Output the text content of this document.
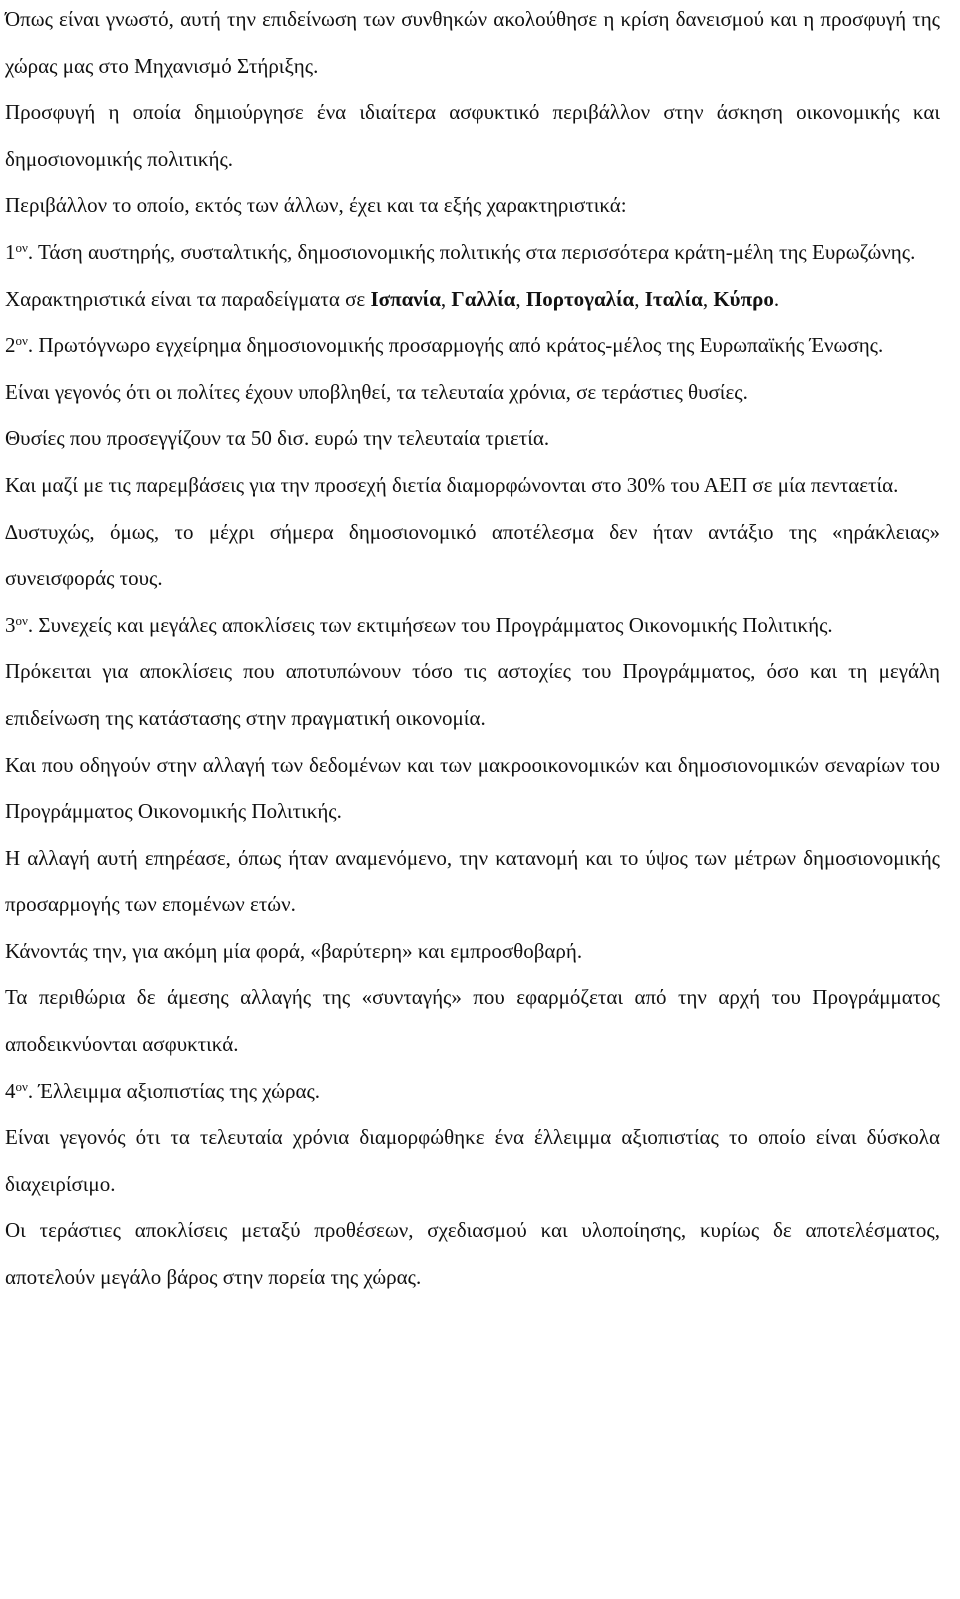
Όπως είναι γνωστό, αυτή την επιδείνωση των συνθηκών ακολούθησε η κρίση δανεισμού και η προσφυγή της χώρας μας στο Μηχανισμό Στήριξης.

Προσφυγή η οποία δημιούργησε ένα ιδιαίτερα ασφυκτικό περιβάλλον στην άσκηση οικονομικής και δημοσιονομικής πολιτικής.

Περιβάλλον το οποίο, εκτός των άλλων, έχει και τα εξής χαρακτηριστικά:

$1^{o\nu}$. Τάση αυστηρής, συσταλτικής, δημοσιονομικής πολιτικής στα περισσότερα κράτη-μέλη της Ευρωζώνης.

Χαρακτηριστικά είναι τα παραδείγματα σε Ισπανία, Γαλλία, Πορτογαλία, Ιταλία, Κύπρο.

$2^{o\nu}$. Πρωτόγνωρο εγχείρημα δημοσιονομικής προσαρμογής από κράτος-μέλος της Ευρωπαϊκής Ένωσης.

Είναι γεγονός ότι οι πολίτες έχουν υποβληθεί, τα τελευταία χρόνια, σε τεράστιες θυσίες.

Θυσίες που προσεγγίζουν τα 50 δισ. ευρώ την τελευταία τριετία.

Και μαζί με τις παρεμβάσεις για την προσεχή διετία διαμορφώνονται στο 30% του ΑΕΠ σε μία πενταετία.

∆υστυχώς, όμως, το μέχρι σήμερα δημοσιονομικό αποτέλεσμα δεν ήταν αντάξιο της «ηράκλειας» συνεισφοράς τους.

$3^{o\nu}$. Συνεχείς και μεγάλες αποκλίσεις των εκτιμήσεων του Προγράμματος Οικονομικής Πολιτικής.

Πρόκειται για αποκλίσεις που αποτυπώνουν τόσο τις αστοχίες του Προγράμματος, όσο και τη μεγάλη επιδείνωση της κατάστασης στην πραγματική οικονομία.

Και που οδηγούν στην αλλαγή των δεδομένων και των μακροοικονομικών και δημοσιονομικών σεναρίων του Προγράμματος Οικονομικής Πολιτικής.

Η αλλαγή αυτή επηρέασε, όπως ήταν αναμενόμενο, την κατανομή και το ύψος των μέτρων δημοσιονομικής προσαρμογής των επομένων ετών.

Κάνοντάς την, για ακόμη μία φορά, «βαρύτερη» και εμπροσθοβαρή.

Τα περιθώρια δε άμεσης αλλαγής της «συνταγής» που εφαρμόζεται από την αρχή του Προγράμματος αποδεικνύονται ασφυκτικά.

$4^{o\nu}$. Έλλειμμα αξιοπιστίας της χώρας.

Είναι γεγονός ότι τα τελευταία χρόνια διαμορφώθηκε ένα έλλειμμα αξιοπιστίας το οποίο είναι δύσκολα διαχειρίσιμο.

Οι τεράστιες αποκλίσεις μεταξύ προθέσεων, σχεδιασμού και υλοποίησης, κυρίως δε αποτελέσματος, αποτελούν μεγάλο βάρος στην πορεία της χώρας.
